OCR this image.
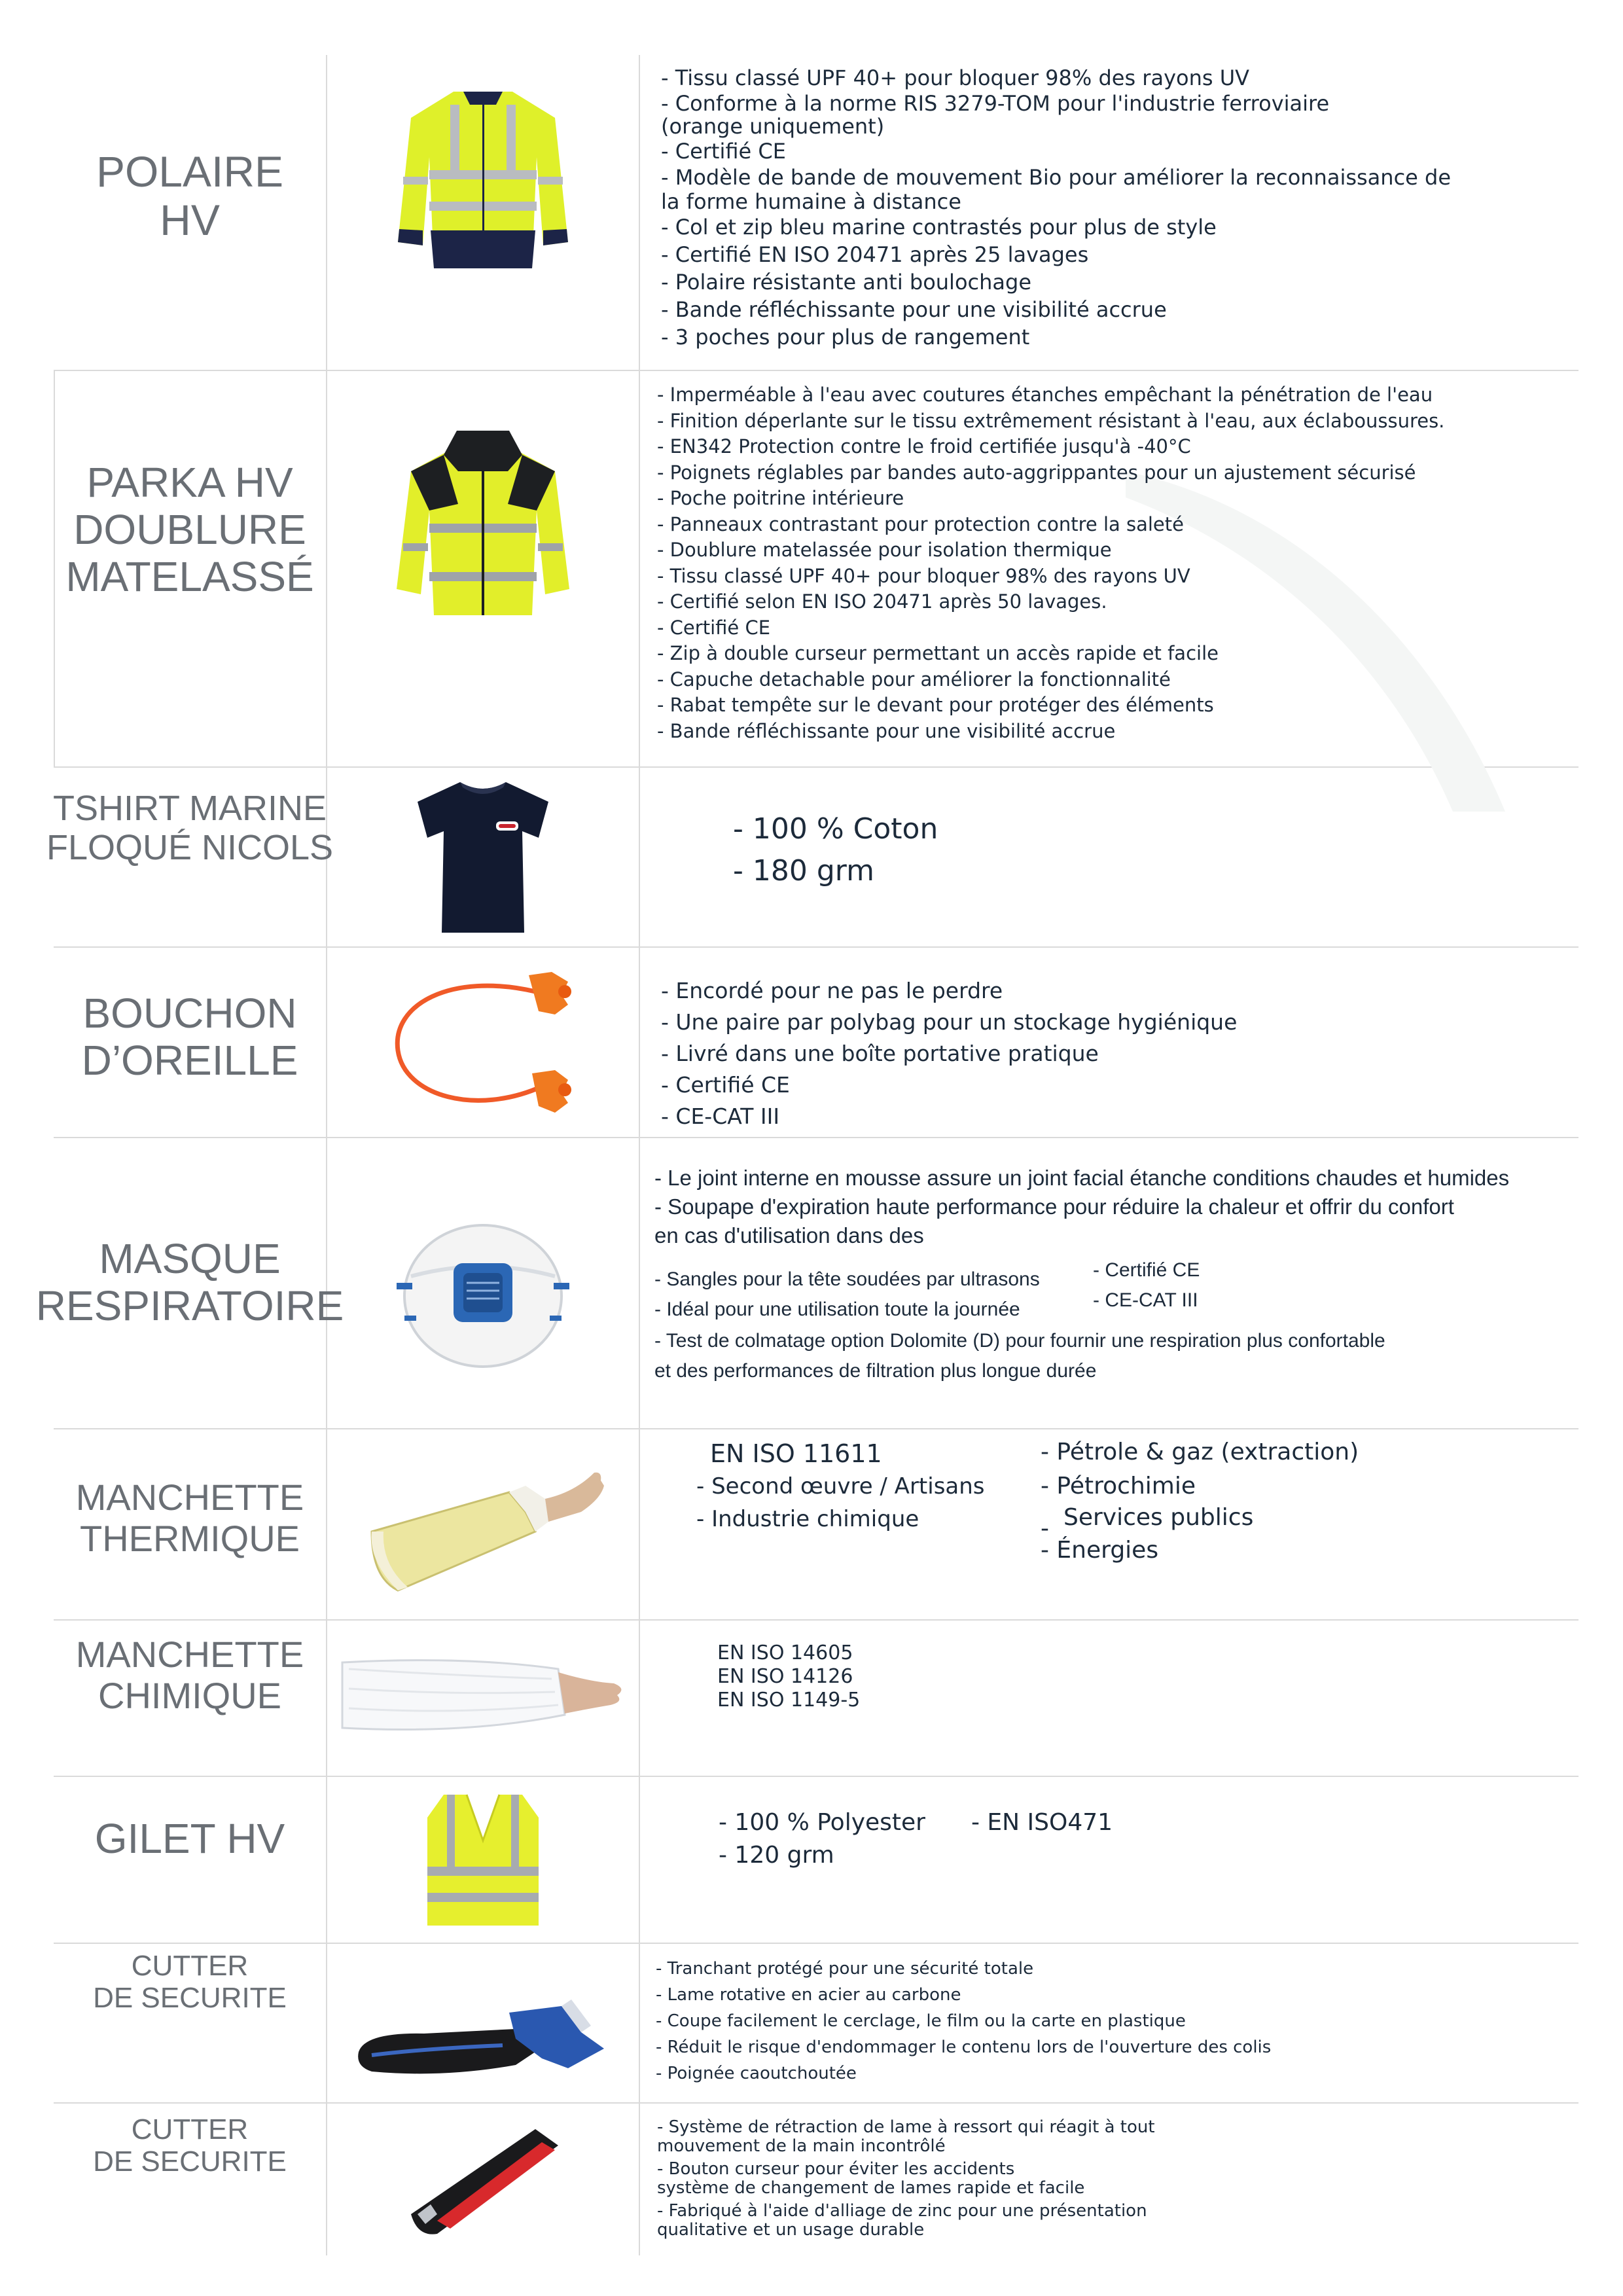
POLAIRE
HV
- Tissu classé UPF 40+ pour bloquer 98% des rayons UV
- Conforme à la norme RIS 3279-TOM pour l'industrie ferroviaire
(orange uniquement)
- Certifié CE
- Modèle de bande de mouvement Bio pour améliorer la reconnaissance de
la forme humaine à distance
- Col et zip bleu marine contrastés pour plus de style
- Certifié EN ISO 20471 après 25 lavages
- Polaire résistante anti boulochage
- Bande réfléchissante pour une visibilité accrue
- 3 poches pour plus de rangement
PARKA HV
DOUBLURE
MATELASSÉ
- Imperméable à l'eau avec coutures étanches empêchant la pénétration de l'eau
- Finition déperlante sur le tissu extrêmement résistant à l'eau, aux éclaboussures.
- EN342 Protection contre le froid certifiée jusqu'à -40°C
- Poignets réglables par bandes auto-aggrippantes pour un ajustement sécurisé
- Poche poitrine intérieure
- Panneaux contrastant pour protection contre la saleté
- Doublure matelassée pour isolation thermique
- Tissu classé UPF 40+ pour bloquer 98% des rayons UV
- Certifié selon EN ISO 20471 après 50 lavages.
- Certifié CE
- Zip à double curseur permettant un accès rapide et facile
- Capuche detachable pour améliorer la fonctionnalité
- Rabat tempête sur le devant pour protéger des éléments
- Bande réfléchissante pour une visibilité accrue
TSHIRT MARINE
FLOQUÉ NICOLS	- 100 % Coton
- 180 grm
BOUCHON
D’OREILLE
- Encordé pour ne pas le perdre
- Une paire par polybag pour un stockage hygiénique
- Livré dans une boîte portative pratique
- Certifié CE
- CE-CAT III
MASQUE
RESPIRATOIRE
- Le joint interne en mousse assure un joint facial étanche conditions chaudes et humides
- Soupape d'expiration haute performance pour réduire la chaleur et offrir du confort
en cas d'utilisation dans des
- Sangles pour la tête soudées par ultrasons
- Idéal pour une utilisation toute la journée
- Certifié CE
- CE-CAT III
- Test de colmatage option Dolomite (D) pour fournir une respiration plus confortable
et des performances de filtration plus longue durée
MANCHETTE
THERMIQUE
EN ISO 11611
- Second œuvre / Artisans
- Industrie chimique
- Pétrole & gaz (extraction)
- Pétrochimie
Services publics
-
- Énergies
MANCHETTE
CHIMIQUE
EN ISO 14605
EN ISO 14126
EN ISO 1149-5
GILET HV	- 100 % Polyester
- 120 grm
- EN ISO471
CUTTER
DE SECURITE
- Tranchant protégé pour une sécurité totale
- Lame rotative en acier au carbone
- Coupe facilement le cerclage, le film ou la carte en plastique
- Réduit le risque d'endommager le contenu lors de l'ouverture des colis
- Poignée caoutchoutée
CUTTER
DE SECURITE
- Système de rétraction de lame à ressort qui réagit à tout
mouvement de la main incontrôlé
- Bouton curseur pour éviter les accidents
système de changement de lames rapide et facile
- Fabriqué à l'aide d'alliage de zinc pour une présentation
qualitative et un usage durable
